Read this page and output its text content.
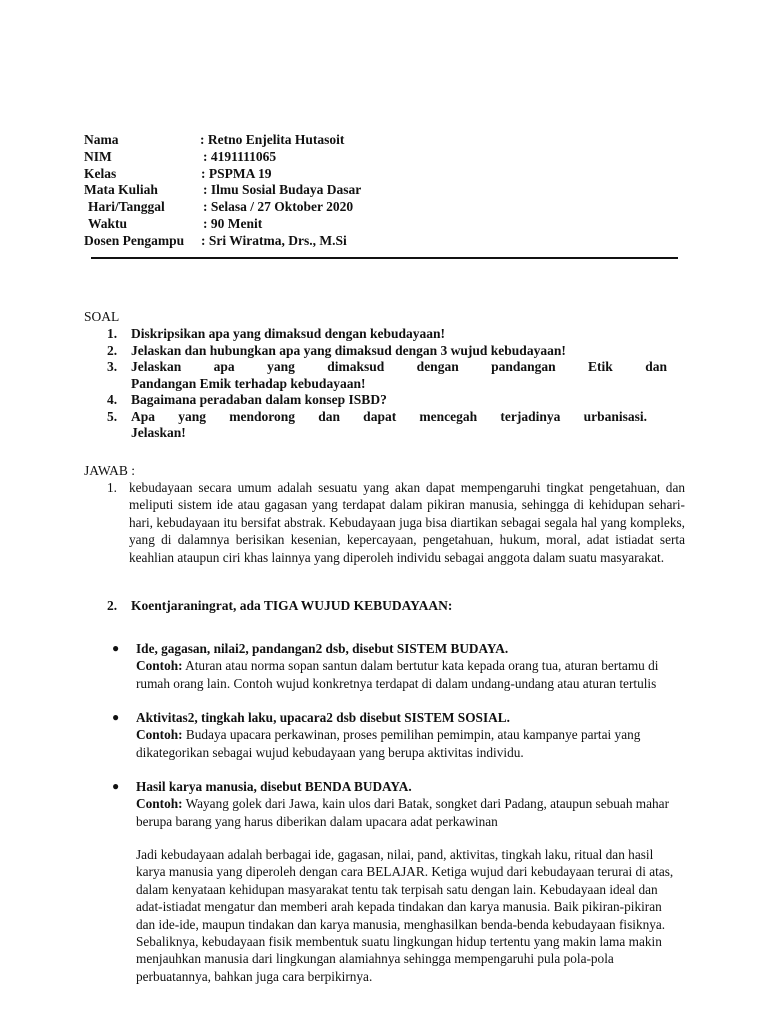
Nama	: Retno Enjelita Hutasoit
NIM	: 4191111065
Kelas	: PSPMA 19
Mata Kuliah	: Ilmu Sosial Budaya Dasar
Hari/Tanggal	: Selasa / 27 Oktober 2020
Waktu	: 90 Menit
Dosen Pengampu : Sri Wiratma, Drs., M.Si
SOAL
1.	Diskripsikan apa yang dimaksud dengan kebudayaan!
2.	Jelaskan dan hubungkan apa yang dimaksud dengan 3 wujud kebudayaan!
3.	Jelaskan apa yang dimaksud dengan pandangan Etik dan
Pandangan Emik terhadap kebudayaan!
4.	Bagaimana peradaban dalam konsep ISBD?
5.	Apa yang mendorong dan dapat mencegah terjadinya urbanisasi.
Jelaskan!
JAWAB :
1. kebudayaan secara umum adalah sesuatu yang akan dapat mempengaruhi tingkat pengetahuan, dan meliputi sistem ide atau gagasan yang terdapat dalam pikiran manusia, sehingga di kehidupan sehari-hari, kebudayaan itu bersifat abstrak. Kebudayaan juga bisa diartikan sebagai segala hal yang kompleks, yang di dalamnya berisikan kesenian, kepercayaan, pengetahuan, hukum, moral, adat istiadat serta keahlian ataupun ciri khas lainnya yang diperoleh individu sebagai anggota dalam suatu masyarakat.
2.	Koentjaraningrat, ada TIGA WUJUD KEBUDAYAAN:
● Ide, gagasan, nilai2, pandangan2 dsb, disebut SISTEM BUDAYA.
Contoh: Aturan atau norma sopan santun dalam bertutur kata kepada orang tua, aturan bertamu di rumah orang lain. Contoh wujud konkretnya terdapat di dalam undang-undang atau aturan tertulis
● Aktivitas2, tingkah laku, upacara2 dsb disebut SISTEM SOSIAL.
Contoh: Budaya upacara perkawinan, proses pemilihan pemimpin, atau kampanye partai yang dikategorikan sebagai wujud kebudayaan yang berupa aktivitas individu.
● Hasil karya manusia, disebut BENDA BUDAYA.
Contoh: Wayang golek dari Jawa, kain ulos dari Batak, songket dari Padang, ataupun sebuah mahar berupa barang yang harus diberikan dalam upacara adat perkawinan
Jadi kebudayaan adalah berbagai ide, gagasan, nilai, pand, aktivitas, tingkah laku, ritual dan hasil karya manusia yang diperoleh dengan cara BELAJAR. Ketiga wujud dari kebudayaan terurai di atas, dalam kenyataan kehidupan masyarakat tentu tak terpisah satu dengan lain. Kebudayaan ideal dan adat-istiadat mengatur dan memberi arah kepada tindakan dan karya manusia. Baik pikiran-pikiran dan ide-ide, maupun tindakan dan karya manusia, menghasilkan benda-benda kebudayaan fisiknya. Sebaliknya, kebudayaan fisik membentuk suatu lingkungan hidup tertentu yang makin lama makin menjauhkan manusia dari lingkungan alamiahnya sehingga mempengaruhi pula pola-pola perbuatannya, bahkan juga cara berpikirnya.
